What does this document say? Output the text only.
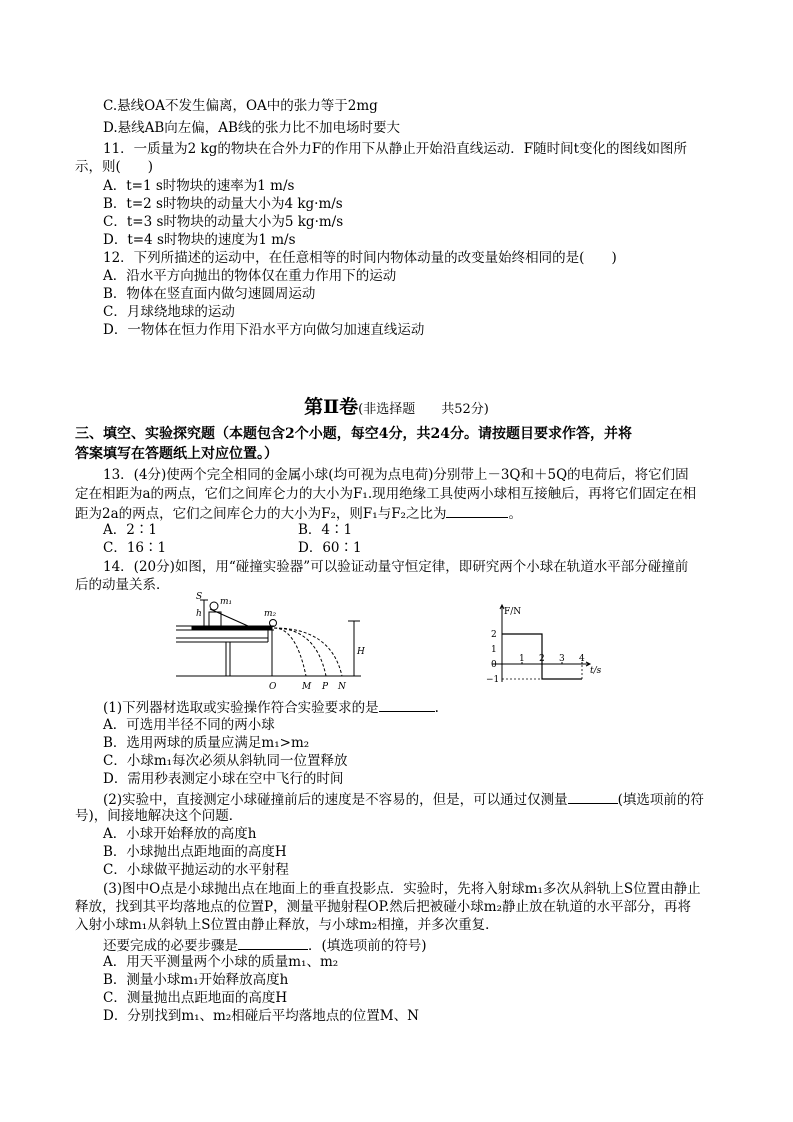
C.悬线OA不发生偏离，OA中的张力等于2mg
D.悬线AB向左偏，AB线的张力比不加电场时要大
11．一质量为2 kg的物块在合外力F的作用下从静止开始沿直线运动．F随时间t变化的图线如图所
示，则(　　)
A．t=1 s时物块的速率为1 m/s
B．t=2 s时物块的动量大小为4 kg·m/s
C．t=3 s时物块的动量大小为5 kg·m/s
D．t=4 s时物块的速度为1 m/s
12．下列所描述的运动中，在任意相等的时间内物体动量的改变量始终相同的是(　　)
A．沿水平方向抛出的物体仅在重力作用下的运动
B．物体在竖直面内做匀速圆周运动
C．月球绕地球的运动
D．一物体在恒力作用下沿水平方向做匀加速直线运动
第Ⅱ卷(非选择题　　共52分)
三、填空、实验探究题（本题包含2个小题，每空4分，共24分。请按题目要求作答，并将
答案填写在答题纸上对应位置。）
13．(4分)使两个完全相同的金属小球(均可视为点电荷)分别带上－3Q和＋5Q的电荷后，将它们固
定在相距为a的两点，它们之间库仑力的大小为F₁.现用绝缘工具使两小球相互接触后，再将它们固定在相
距为2a的两点，它们之间库仑力的大小为F₂，则F₁与F₂之比为	。
A．2∶1	B．4∶1
C．16∶1	D．60∶1
14．(20分)如图，用“碰撞实验器”可以验证动量守恒定律，即研究两个小球在轨道水平部分碰撞前
后的动量关系．
S
h
m₁
m₂
H
O	M P N
1 2 3 4
2
1
0
−1
F/N
t/s
(1)下列器材选取或实验操作符合实验要求的是	.
A．可选用半径不同的两小球
B．选用两球的质量应满足m₁>m₂
C．小球m₁每次必须从斜轨同一位置释放
D．需用秒表测定小球在空中飞行的时间
(2)实验中，直接测定小球碰撞前后的速度是不容易的，但是，可以通过仅测量	(填选项前的符
号)，间接地解决这个问题．
A．小球开始释放的高度h
B．小球抛出点距地面的高度H
C．小球做平抛运动的水平射程
(3)图中O点是小球抛出点在地面上的垂直投影点．实验时，先将入射球m₁多次从斜轨上S位置由静止
释放，找到其平均落地点的位置P，测量平抛射程OP.然后把被碰小球m₂静止放在轨道的水平部分，再将
入射小球m₁从斜轨上S位置由静止释放，与小球m₂相撞，并多次重复．
还要完成的必要步骤是	．(填选项前的符号)
A．用天平测量两个小球的质量m₁、m₂
B．测量小球m₁开始释放高度h
C．测量抛出点距地面的高度H
D．分别找到m₁、m₂相碰后平均落地点的位置M、N
